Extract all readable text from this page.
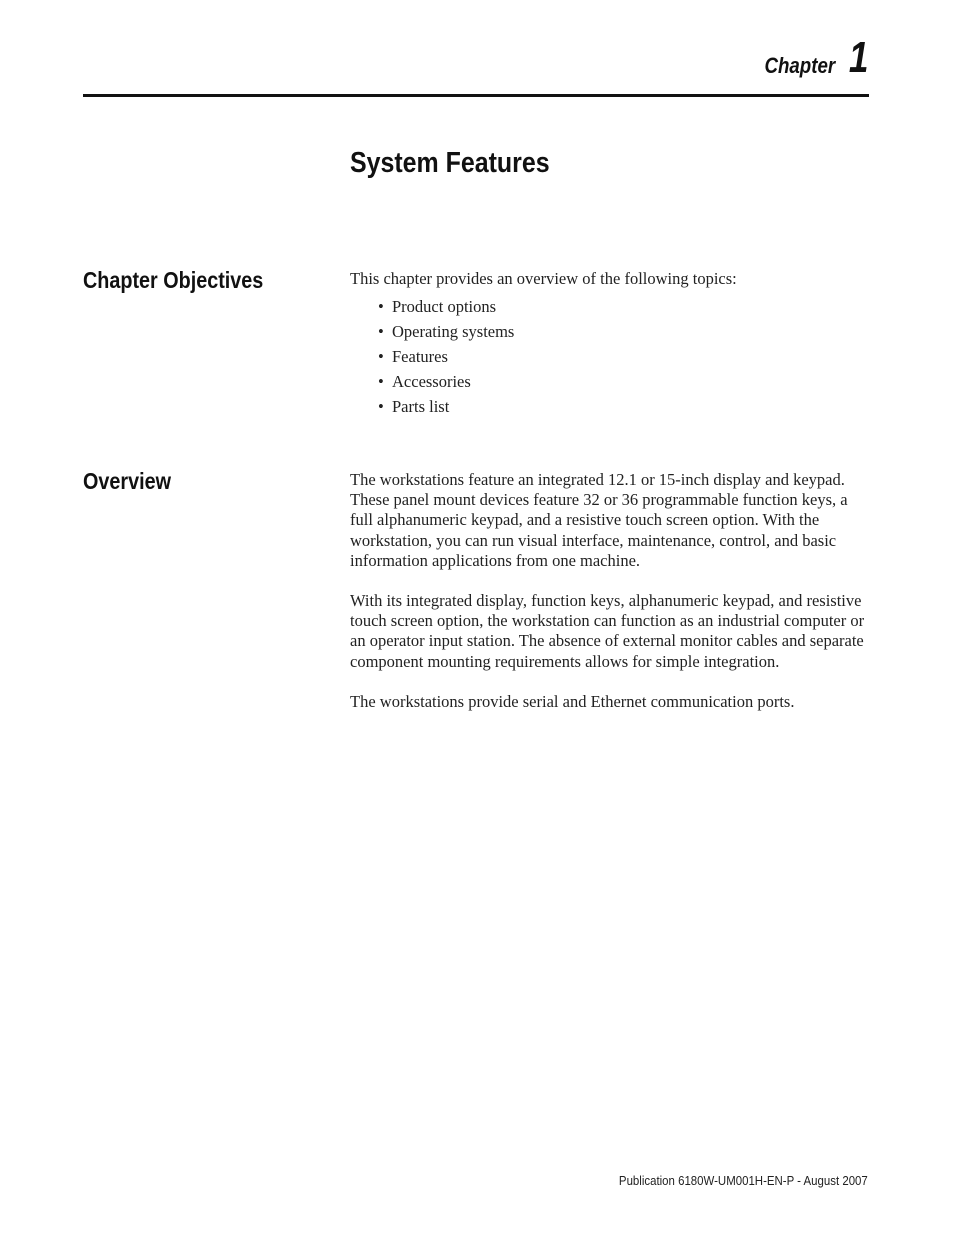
Chapter 1
System Features
Chapter Objectives	This chapter provides an overview of the following topics:

• Product options
• Operating systems
• Features
• Accessories
• Parts list
Overview	The workstations feature an integrated 12.1 or 15-inch display and keypad. These panel mount devices feature 32 or 36 programmable function keys, a full alphanumeric keypad, and a resistive touch screen option. With the workstation, you can run visual interface, maintenance, control, and basic information applications from one machine.

With its integrated display, function keys, alphanumeric keypad, and resistive touch screen option, the workstation can function as an industrial computer or an operator input station. The absence of external monitor cables and separate component mounting requirements allows for simple integration.

The workstations provide serial and Ethernet communication ports.

Publication 6180W-UM001H-EN-P - August 2007
